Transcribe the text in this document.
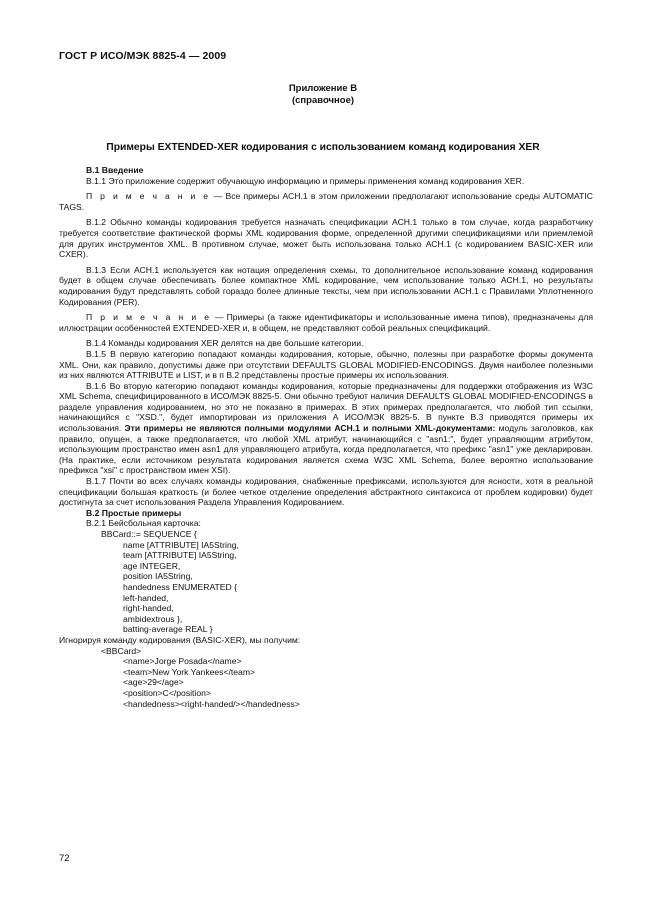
ГОСТ Р ИСО/МЭК 8825-4 — 2009
Приложение В
(справочное)
Примеры EXTENDED-XER кодирования с использованием команд кодирования XER

В.1 Введение

В.1.1 Это приложение содержит обучающую информацию и примеры применения команд кодирования XER.

П р и м е ч а н и е — Все примеры АСН.1 в этом приложении предполагают использование среды AUTOMATIC TAGS.

В.1.2 Обычно команды кодирования требуется назначать спецификации АСН.1 только в том случае, когда разработчику требуется соответствие фактической формы XML кодирования форме, определенной другими спецификациями или приемлемой для других инструментов XML. В противном случае, может быть использована только АСН.1 (с кодированием BASIC-XER или CXER).

В.1.3 Если АСН.1 используется как нотация определения схемы, то дополнительное использование команд кодирования будет в общем случае обеспечивать более компактное XML кодирование, чем использование только АСН.1, но результаты кодирования будут представлять собой гораздо более длинные тексты, чем при использовании АСН.1 с Правилами Уплотненного Кодирования (PER).

П р и м е ч а н и е — Примеры (а также идентификаторы и использованные имена типов), предназначены для иллюстрации особенностей EXTENDED-XER и, в общем, не представляют собой реальных спецификаций.

В.1.4 Команды кодирования XER делятся на две большие категории.

В.1.5 В первую категорию попадают команды кодирования, которые, обычно, полезны при разработке формы документа XML. Они, как правило, допустимы даже при отсутствии DEFAULTS GLOBAL MODIFIED-ENCODINGS. Двумя наиболее полезными из них являются ATTRIBUTE и LIST, и в п В.2 представлены простые примеры их использования.

В.1.6 Во вторую категорию попадают команды кодирования, которые предназначены для поддержки отображения из W3C XML Schema, специфицированного в ИСО/МЭК 8825-5. Они обычно требуют наличия DEFAULTS GLOBAL MODIFIED-ENCODINGS в разделе управления кодированием, но это не показано в примерах. В этих примерах предполагается, что любой тип ссылки, начинающийся с "XSD.", будет импортирован из приложения А ИСО/МЭК 8825-5. В пункте В.3 приводятся примеры их использования. Эти примеры не являются полными модулями АСН.1 и полными XML-документами: модуль заголовков, как правило, опущен, а также предполагается, что любой XML атрибут, начинающийся с "asn1:", будет управляющим атрибутом, использующим пространство имен asn1 для управляющего атрибута, когда предполагается, что префикс "asn1" уже декларирован. (На практике, если источником результата кодирования является схема W3C XML Schema, более вероятно использование префикса "xsi" с пространством имен XSI).

В.1.7 Почти во всех случаях команды кодирования, снабженные префиксами, используются для ясности, хотя в реальной спецификации большая краткость (и более четкое отделение определения абстрактного синтаксиса от проблем кодировки) будет достигнута за счет использования Раздела Управления Кодированием.

В.2 Простые примеры

В.2.1 Бейсбольная карточка:

BBCard::= SEQUENCE {

name [ATTRIBUTE] IA5String,

team [ATTRIBUTE] IA5String,

age INTEGER,

position IA5String,

handedness ENUMERATED {

left-handed,

right-handed,

ambidextrous },

batting-average REAL }

Игнорируя команду кодирования (BASIC-XER), мы получим:

<BBCard>

<name>Jorge Posada</name>

<team>New York Yankees</team>

<age>29</age>

<position>C</position>

<handedness><right-handed/></handedness>

72
